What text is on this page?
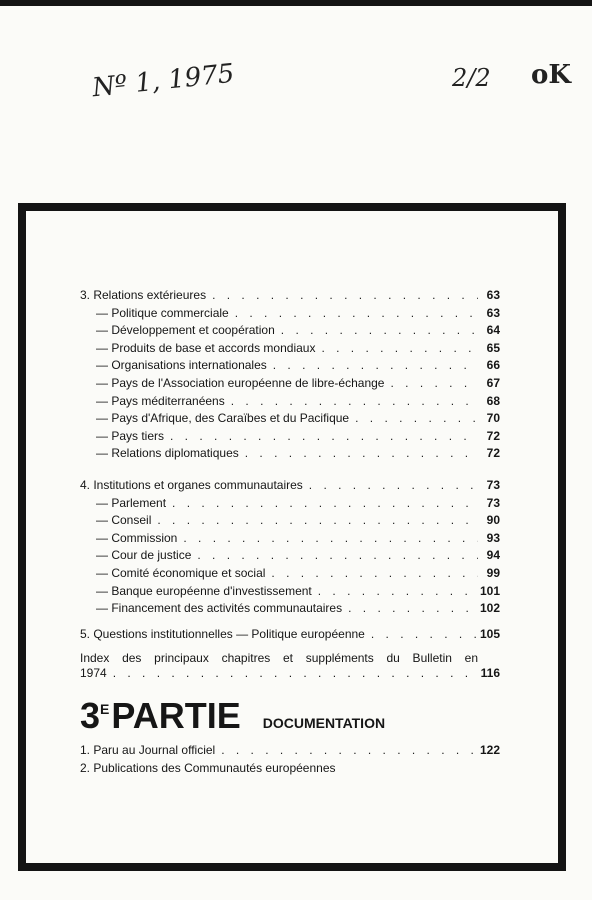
Nº 1, 1975	2/2 oK
3. Relations extérieures . . .	63
— Politique commerciale . . .	63
— Développement et coopération . . .	64
— Produits de base et accords mondiaux . . .	65
— Organisations internationales . . .	66
— Pays de l'Association européenne de libre-échange . . .	67
— Pays méditerranéens . . .	68
— Pays d'Afrique, des Caraïbes et du Pacifique . . .	70
— Pays tiers . . .	72
— Relations diplomatiques . . .	72
4. Institutions et organes communautaires . . .	73
— Parlement . . .	73
— Conseil . . .	90
— Commission . . .	93
— Cour de justice . . .	94
— Comité économique et social . . .	99
— Banque européenne d'investissement . . .	101
— Financement des activités communautaires . . .	102
5. Questions institutionnelles — Politique européenne . . .	105
Index des principaux chapitres et suppléments du Bulletin en
1974 . . .	116
3 E PARTIE DOCUMENTATION
1. Paru au Journal officiel . . .	122
2. Publications des Communautés européennes
